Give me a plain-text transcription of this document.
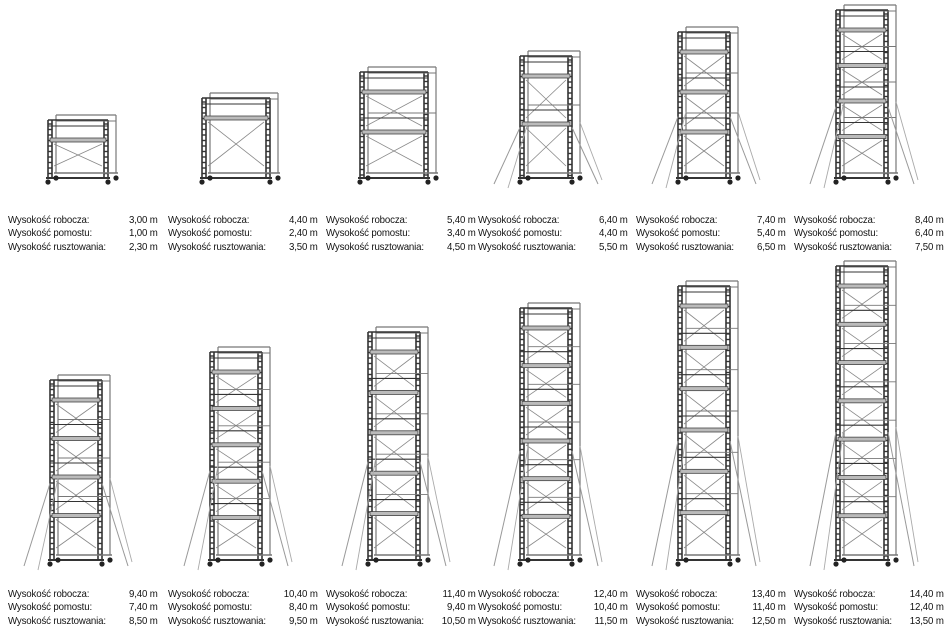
Wysokość robocza:	3,00 m
Wysokość pomostu:	1,00 m
Wysokość rusztowania: 2,30 m
Wysokość robocza:	4,40 m
Wysokość pomostu:	2,40 m
Wysokość rusztowania: 3,50 m
Wysokość robocza:	5,40 m
Wysokość pomostu:	3,40 m
Wysokość rusztowania: 4,50 m
Wysokość robocza:	6,40 m
Wysokość pomostu:	4,40 m
Wysokość rusztowania: 5,50 m
Wysokość robocza:	7,40 m
Wysokość pomostu:	5,40 m
Wysokość rusztowania: 6,50 m
Wysokość robocza:	8,40 m
Wysokość pomostu:	6,40 m
Wysokość rusztowania: 7,50 m
Wysokość robocza:	9,40 m
Wysokość pomostu:	7,40 m
Wysokość rusztowania: 8,50 m
Wysokość robocza:	10,40 m
Wysokość pomostu:	8,40 m
Wysokość rusztowania: 9,50 m
Wysokość robocza:	11,40 m
Wysokość pomostu:	9,40 m
Wysokość rusztowania: 10,50 m
Wysokość robocza:	12,40 m
Wysokość pomostu:	10,40 m
Wysokość rusztowania: 11,50 m
Wysokość robocza:	13,40 m
Wysokość pomostu:	11,40 m
Wysokość rusztowania: 12,50 m
Wysokość robocza:	14,40 m
Wysokość pomostu:	12,40 m
Wysokość rusztowania: 13,50 m
